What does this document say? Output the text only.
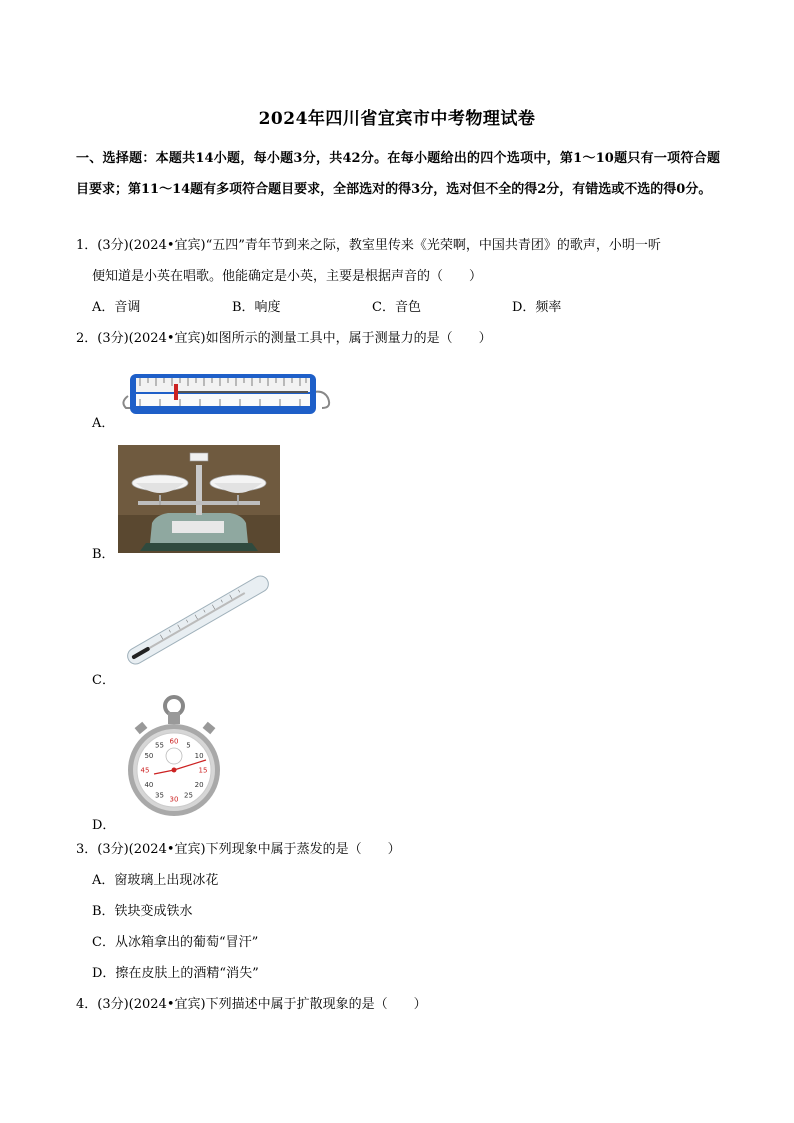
2024年四川省宜宾市中考物理试卷
一、选择题：本题共14小题，每小题3分，共42分。在每小题给出的四个选项中，第1～10题只有一项符合题目要求；第11～14题有多项符合题目要求，全部选对的得3分，选对但不全的得2分，有错选或不选的得0分。
1．(3分)(2024•宜宾)“五四”青年节到来之际，教室里传来《光荣啊，中国共青团》的歌声，小明一听
便知道是小英在唱歌。他能确定是小英，主要是根据声音的（　　）
A．音调	B．响度	C．音色	D．频率
2．(3分)(2024•宜宾)如图所示的测量工具中，属于测量力的是（　　）
A．
B．
C．
D．
60 5
10
15
20
25
30
35
40
45
50
55
3．(3分)(2024•宜宾)下列现象中属于蒸发的是（　　）
A．窗玻璃上出现冰花
B．铁块变成铁水
C．从冰箱拿出的葡萄“冒汗”
D．擦在皮肤上的酒精“消失”
4．(3分)(2024•宜宾)下列描述中属于扩散现象的是（　　）
